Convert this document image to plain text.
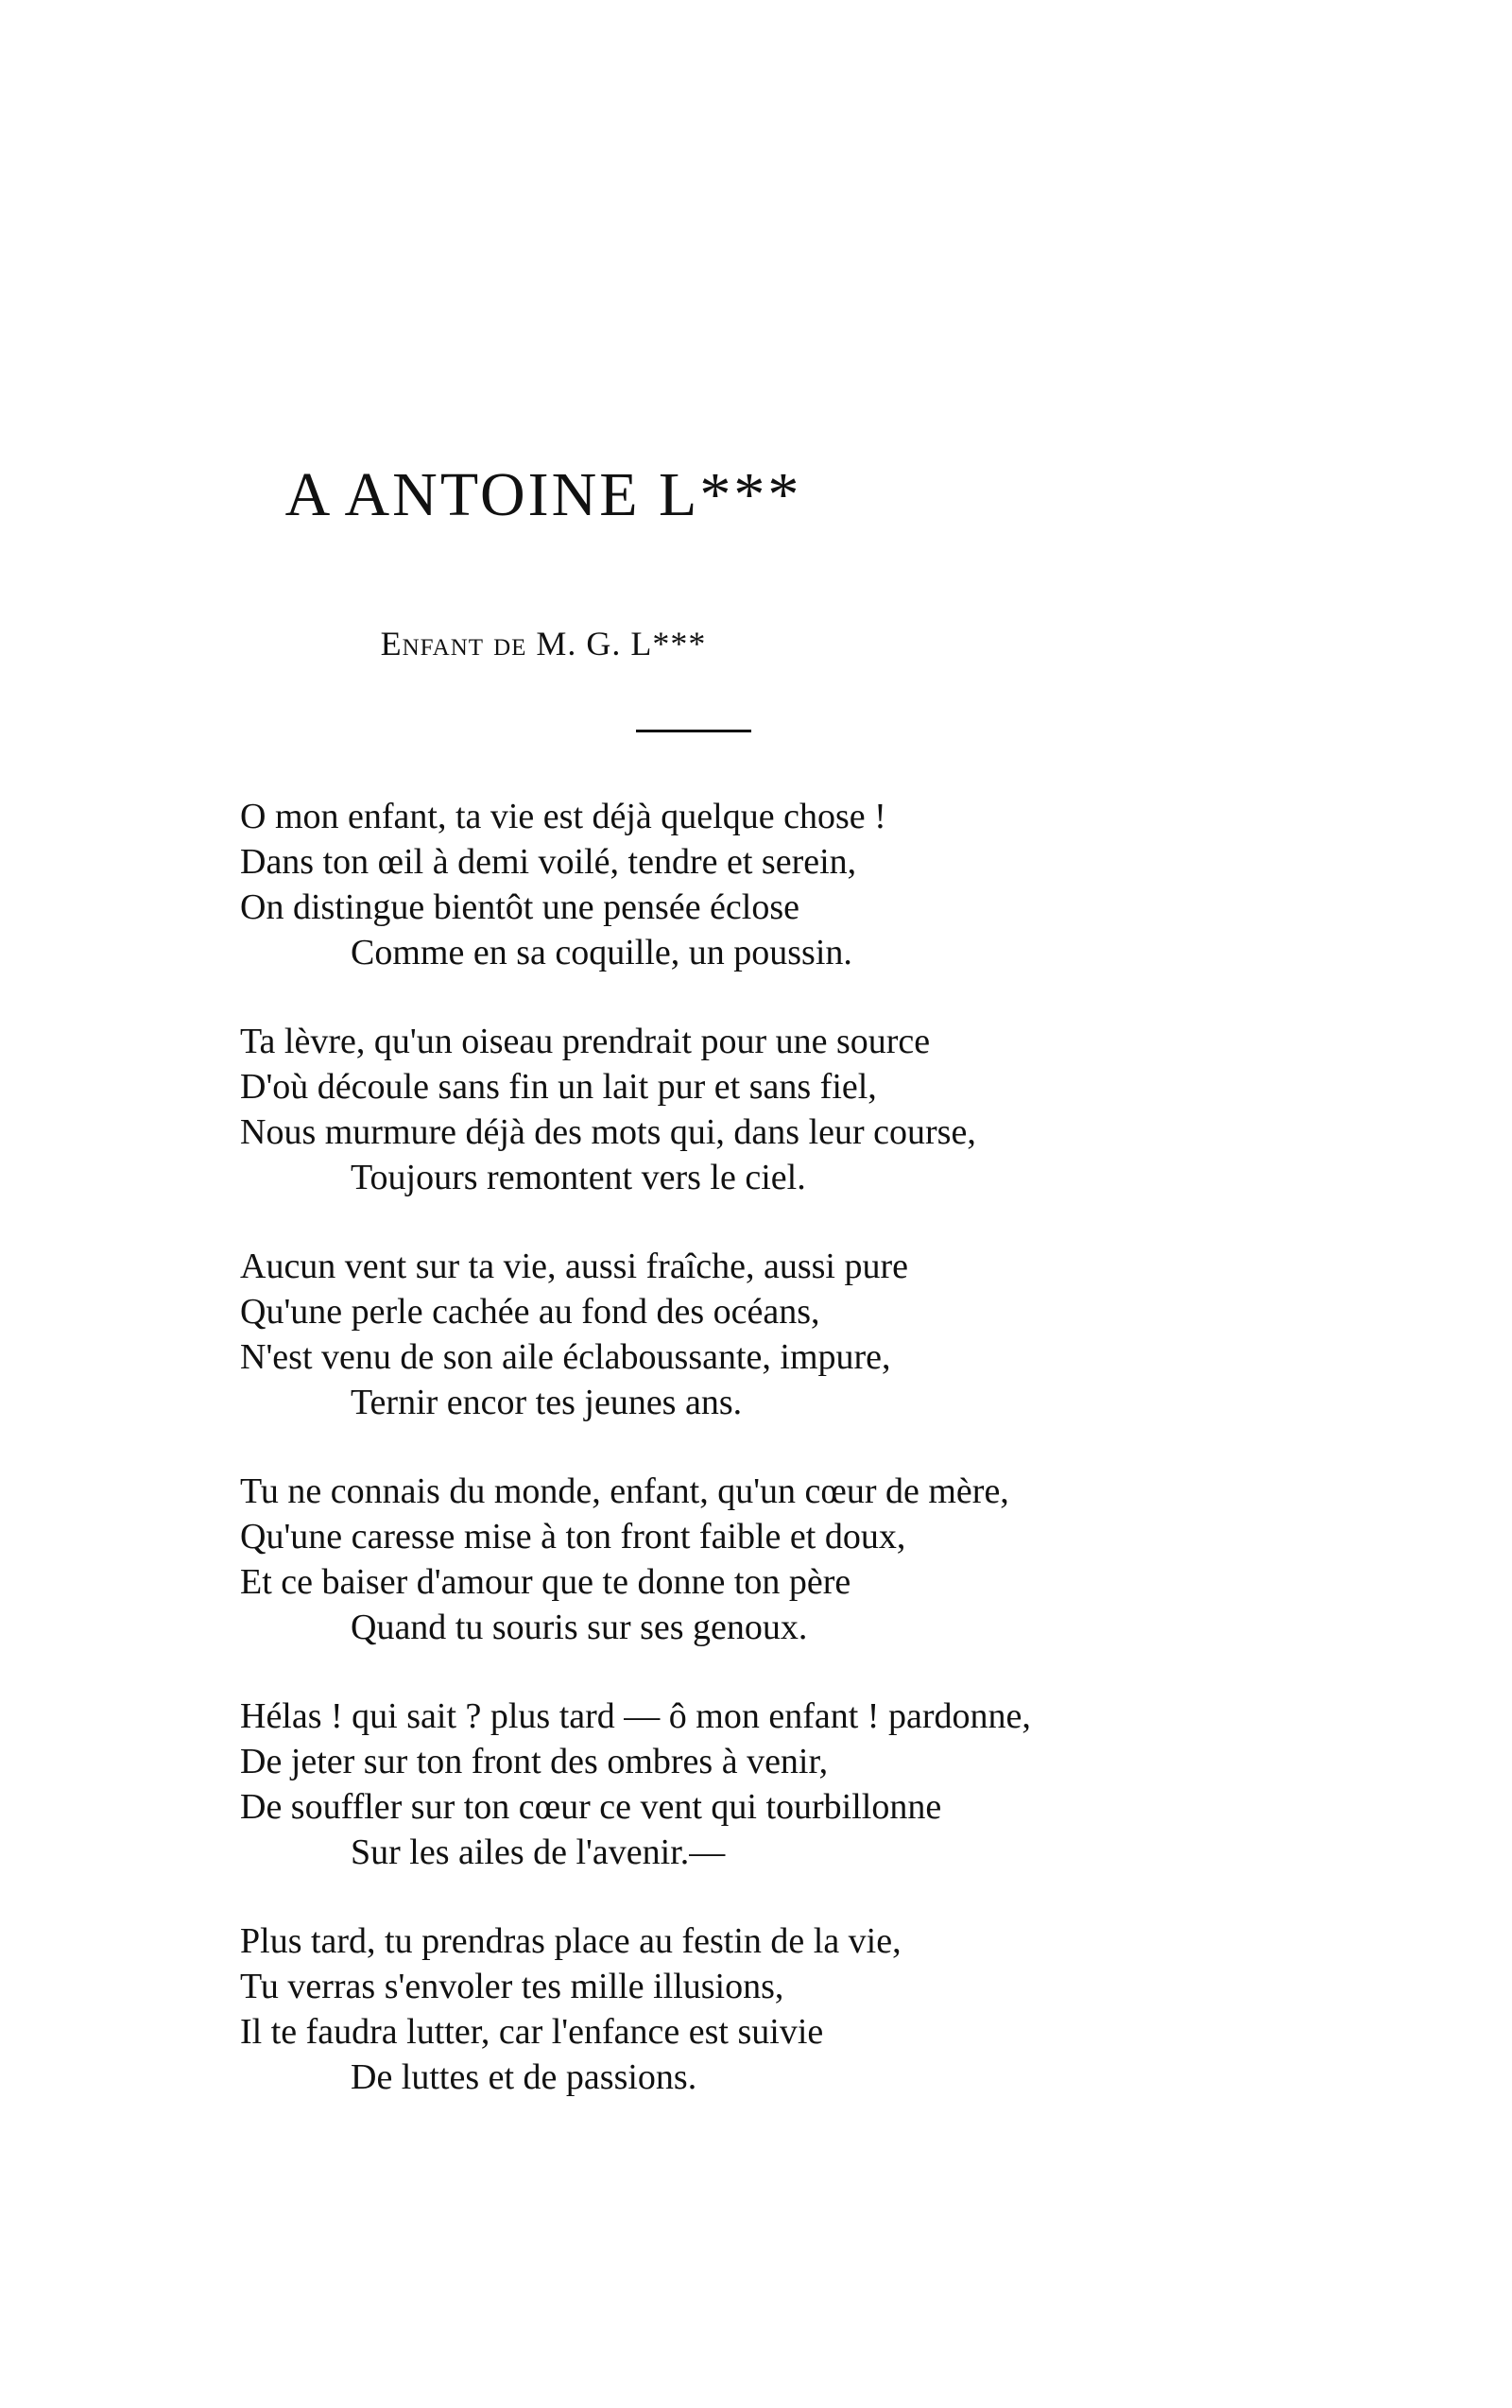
A ANTOINE L***
Enfant de M. G. L***
O mon enfant, ta vie est déjà quelque chose !
Dans ton œil à demi voilé, tendre et serein,
On distingue bientôt une pensée éclose
Comme en sa coquille, un poussin.
Ta lèvre, qu'un oiseau prendrait pour une source
D'où découle sans fin un lait pur et sans fiel,
Nous murmure déjà des mots qui, dans leur course,
Toujours remontent vers le ciel.
Aucun vent sur ta vie, aussi fraîche, aussi pure
Qu'une perle cachée au fond des océans,
N'est venu de son aile éclaboussante, impure,
Ternir encor tes jeunes ans.
Tu ne connais du monde, enfant, qu'un cœur de mère,
Qu'une caresse mise à ton front faible et doux,
Et ce baiser d'amour que te donne ton père
Quand tu souris sur ses genoux.
Hélas ! qui sait ? plus tard — ô mon enfant ! pardonne,
De jeter sur ton front des ombres à venir,
De souffler sur ton cœur ce vent qui tourbillonne
Sur les ailes de l'avenir.—
Plus tard, tu prendras place au festin de la vie,
Tu verras s'envoler tes mille illusions,
Il te faudra lutter, car l'enfance est suivie
De luttes et de passions.
